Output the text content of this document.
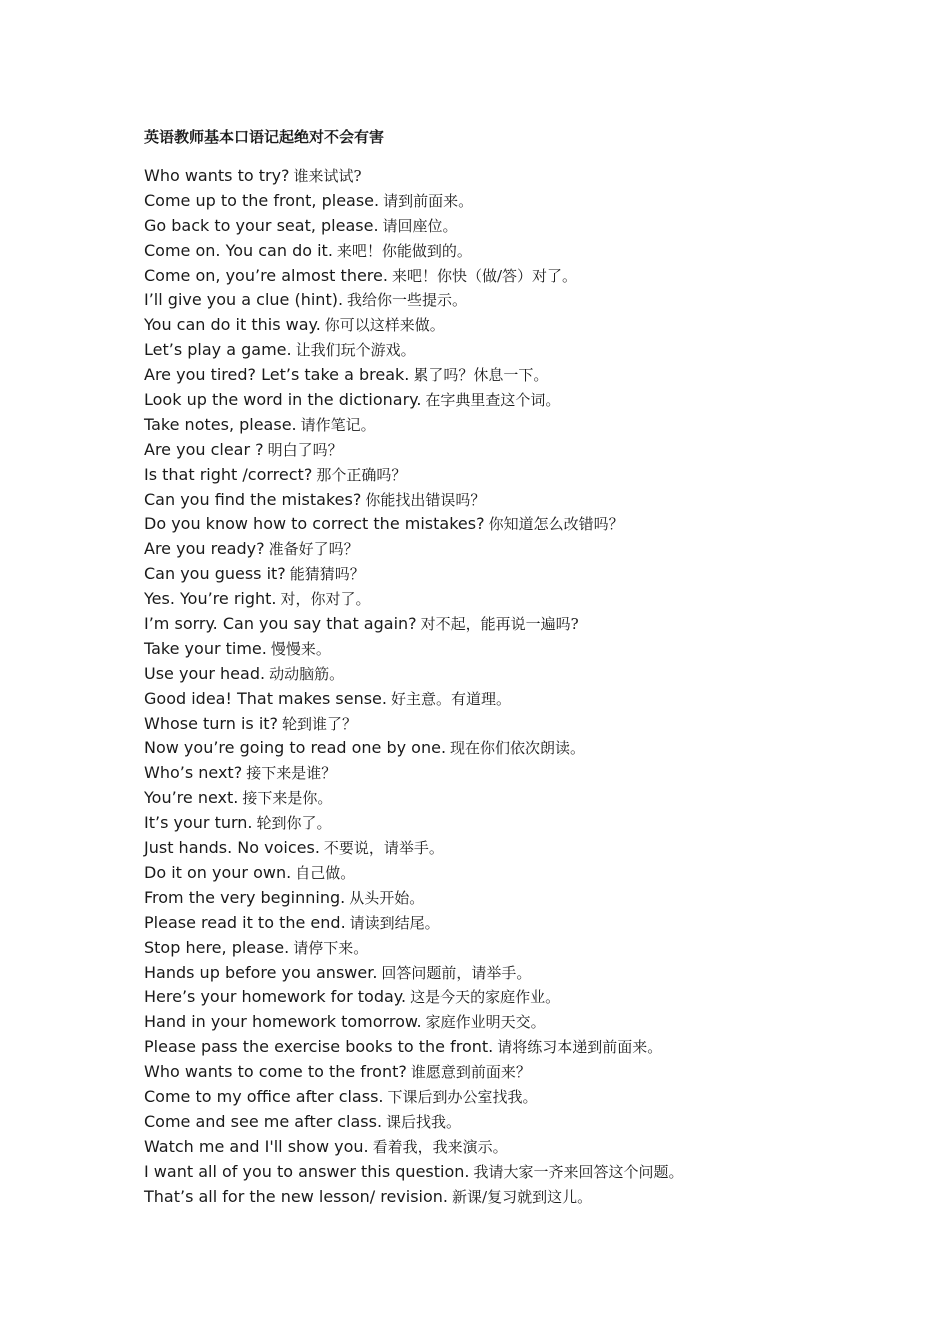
英语教师基本口语记起绝对不会有害
Who wants to try? 谁来试试?
Come up to the front, please. 请到前面来。
Go back to your seat, please. 请回座位。
Come on. You can do it. 来吧！你能做到的。
Come on, you’re almost there. 来吧！你快（做/答）对了。
I’ll give you a clue (hint). 我给你一些提示。
You can do it this way. 你可以这样来做。
Let’s play a game. 让我们玩个游戏。
Are you tired? Let’s take a break. 累了吗？休息一下。
Look up the word in the dictionary. 在字典里查这个词。
Take notes, please. 请作笔记。
Are you clear ? 明白了吗？
Is that right /correct? 那个正确吗？
Can you find the mistakes? 你能找出错误吗？
Do you know how to correct the mistakes? 你知道怎么改错吗？
Are you ready? 准备好了吗？
Can you guess it? 能猜猜吗？
Yes. You’re right. 对，你对了。
I’m sorry. Can you say that again? 对不起，能再说一遍吗?
Take your time. 慢慢来。
Use your head. 动动脑筋。
Good idea! That makes sense. 好主意。有道理。
Whose turn is it? 轮到谁了？
Now you’re going to read one by one. 现在你们依次朗读。
Who’s next? 接下来是谁？
You’re next. 接下来是你。
It’s your turn. 轮到你了。
Just hands. No voices. 不要说，请举手。
Do it on your own. 自己做。
From the very beginning. 从头开始。
Please read it to the end. 请读到结尾。
Stop here, please. 请停下来。
Hands up before you answer. 回答问题前，请举手。
Here’s your homework for today. 这是今天的家庭作业。
Hand in your homework tomorrow. 家庭作业明天交。
Please pass the exercise books to the front. 请将练习本递到前面来。
Who wants to come to the front? 谁愿意到前面来？
Come to my office after class. 下课后到办公室找我。
Come and see me after class. 课后找我。
Watch me and I'll show you. 看着我，我来演示。
I want all of you to answer this question. 我请大家一齐来回答这个问题。
That’s all for the new lesson/ revision. 新课/复习就到这儿。
